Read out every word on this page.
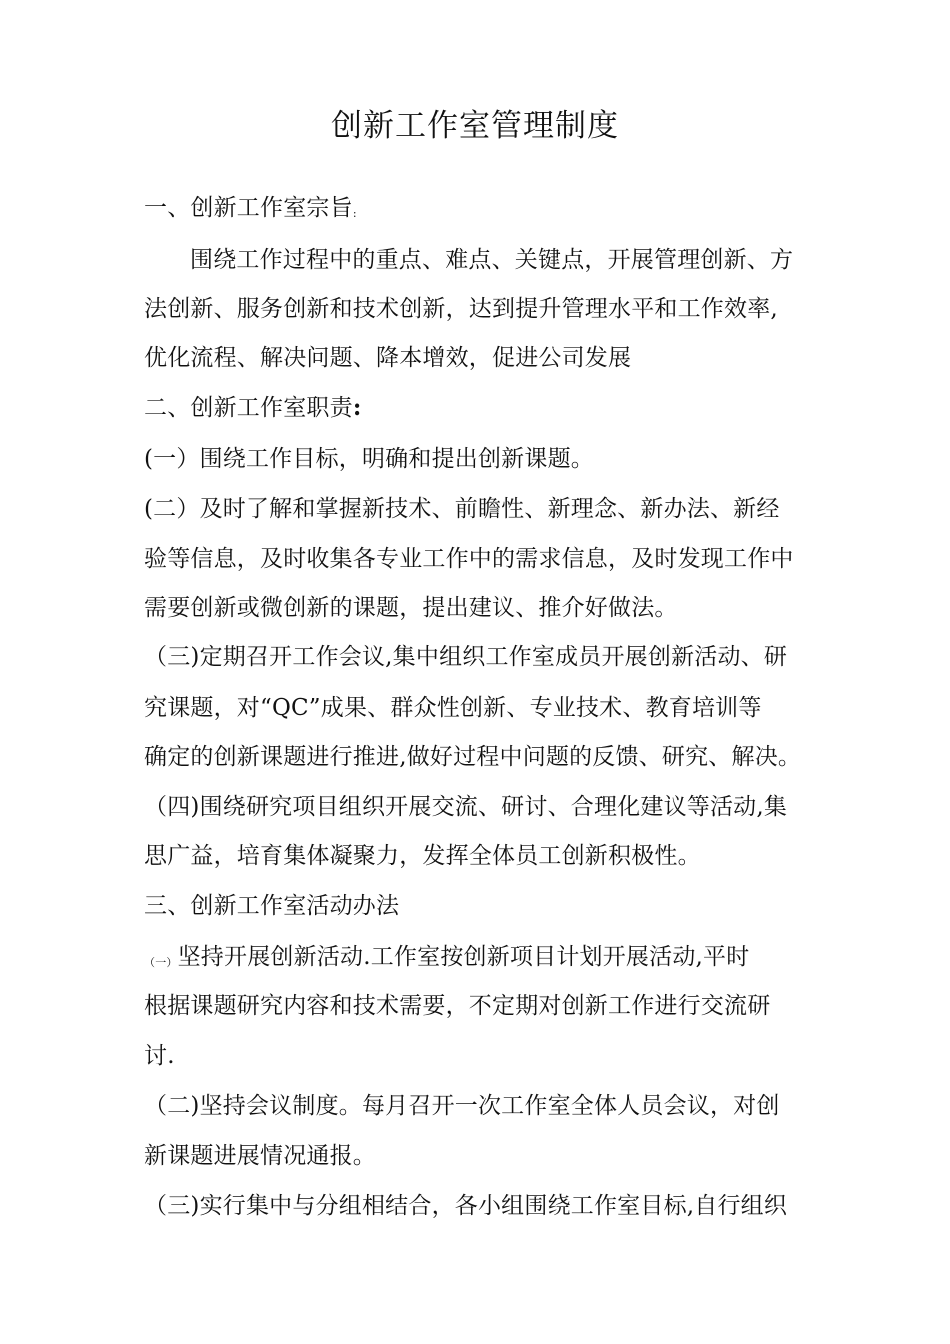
创新工作室管理制度
一、创新工作室宗旨:
围绕工作过程中的重点、难点、关键点，开展管理创新、方
法创新、服务创新和技术创新，达到提升管理水平和工作效率,
优化流程、解决问题、降本增效，促进公司发展
二、创新工作室职责:
(一）围绕工作目标，明确和提出创新课题。
(二）及时了解和掌握新技术、前瞻性、新理念、新办法、新经
验等信息，及时收集各专业工作中的需求信息，及时发现工作中
需要创新或微创新的课题，提出建议、推介好做法。
（三)定期召开工作会议,集中组织工作室成员开展创新活动、研
究课题，对“QC”成果、群众性创新、专业技术、教育培训等
确定的创新课题进行推进,做好过程中问题的反馈、研究、解决。
（四)围绕研究项目组织开展交流、研讨、合理化建议等活动,集
思广益，培育集体凝聚力，发挥全体员工创新积极性。
三、创新工作室活动办法
（一）坚持开展创新活动.工作室按创新项目计划开展活动,平时
根据课题研究内容和技术需要，不定期对创新工作进行交流研
讨.
（二)坚持会议制度。每月召开一次工作室全体人员会议，对创
新课题进展情况通报。
（三)实行集中与分组相结合，各小组围绕工作室目标,自行组织
